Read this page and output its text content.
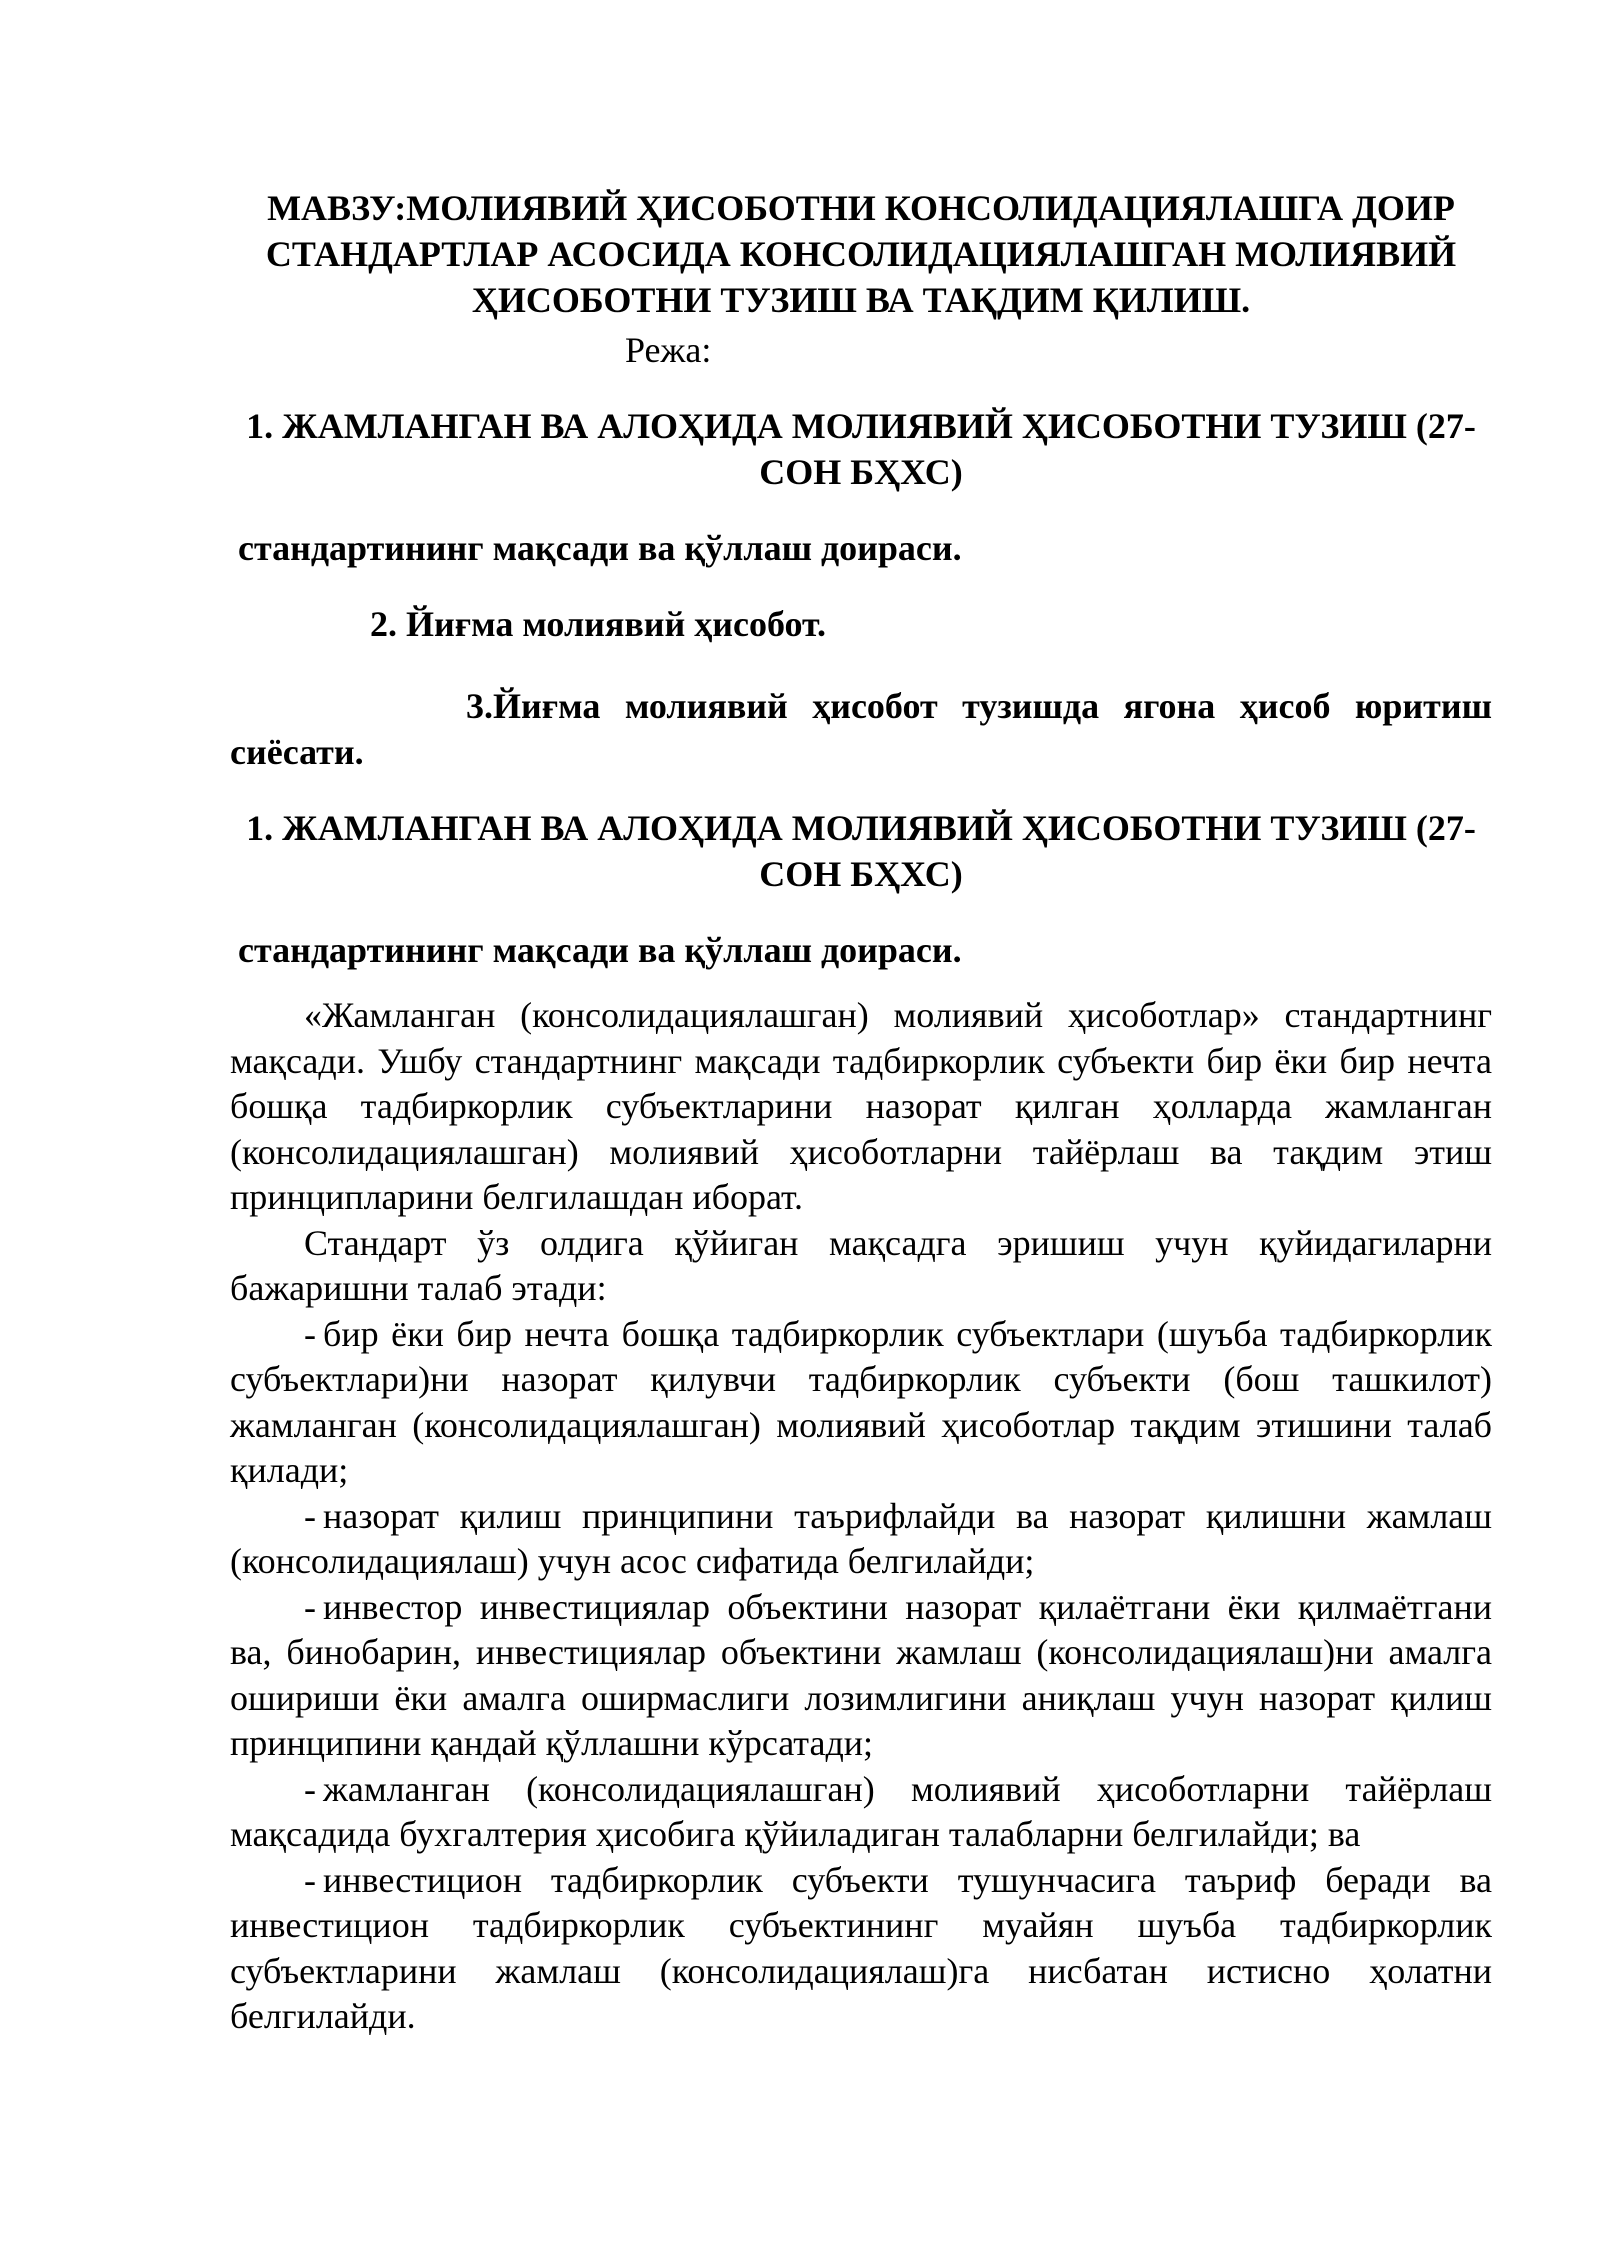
МАВЗУ:МОЛИЯВИЙ ҲИСОБОТНИ КОНСОЛИДАЦИЯЛАШГА ДОИР СТАНДАРТЛАР АСОСИДА КОНСОЛИДАЦИЯЛАШГАН МОЛИЯВИЙ ҲИСОБОТНИ ТУЗИШ ВА ТАҚДИМ ҚИЛИШ.

Режа:

1. ЖАМЛАНГАН ВА АЛОҲИДА МОЛИЯВИЙ ҲИСОБОТНИ ТУЗИШ (27-СОН БҲХС)

стандартининг мақсади ва қўллаш доираси.

2. Йиғма молиявий ҳисобот.

3.Йиғма молиявий ҳисобот тузишда ягона ҳисоб юритиш сиёсати.

1. ЖАМЛАНГАН ВА АЛОҲИДА МОЛИЯВИЙ ҲИСОБОТНИ ТУЗИШ (27-СОН БҲХС)

стандартининг мақсади ва қўллаш доираси.

«Жамланган (консолидациялашган) молиявий ҳисоботлар» стандартнинг мақсади. Ушбу стандартнинг мақсади тадбиркорлик субъекти бир ёки бир нечта бошқа тадбиркорлик субъектларини назорат қилган ҳолларда жамланган (консолидациялашган) молиявий ҳисоботларни тайёрлаш ва тақдим этиш принципларини белгилашдан иборат.

Стандарт ўз олдига қўйиган мақсадга эришиш учун қуйидагиларни бажаришни талаб этади:

- бир ёки бир нечта бошқа тадбиркорлик субъектлари (шуъба тадбиркорлик субъектлари)ни назорат қилувчи тадбиркорлик субъекти (бош ташкилот) жамланган (консолидациялашган) молиявий ҳисоботлар тақдим этишини талаб қилади;

- назорат қилиш принципини таърифлайди ва назорат қилишни жамлаш (консолидациялаш) учун асос сифатида белгилайди;

- инвестор инвестициялар объектини назорат қилаётгани ёки қилмаётгани ва, бинобарин, инвестициялар объектини жамлаш (консолидациялаш)ни амалга ошириши ёки амалга оширмаслиги лозимлигини аниқлаш учун назорат қилиш принципини қандай қўллашни кўрсатади;

- жамланган (консолидациялашган) молиявий ҳисоботларни тайёрлаш мақсадида бухгалтерия ҳисобига қўйиладиган талабларни белгилайди; ва

- инвестицион тадбиркорлик субъекти тушунчасига таъриф беради ва инвестицион тадбиркорлик субъектининг муайян шуъба тадбиркорлик субъектларини жамлаш (консолидациялаш)га нисбатан истисно ҳолатни белгилайди.
